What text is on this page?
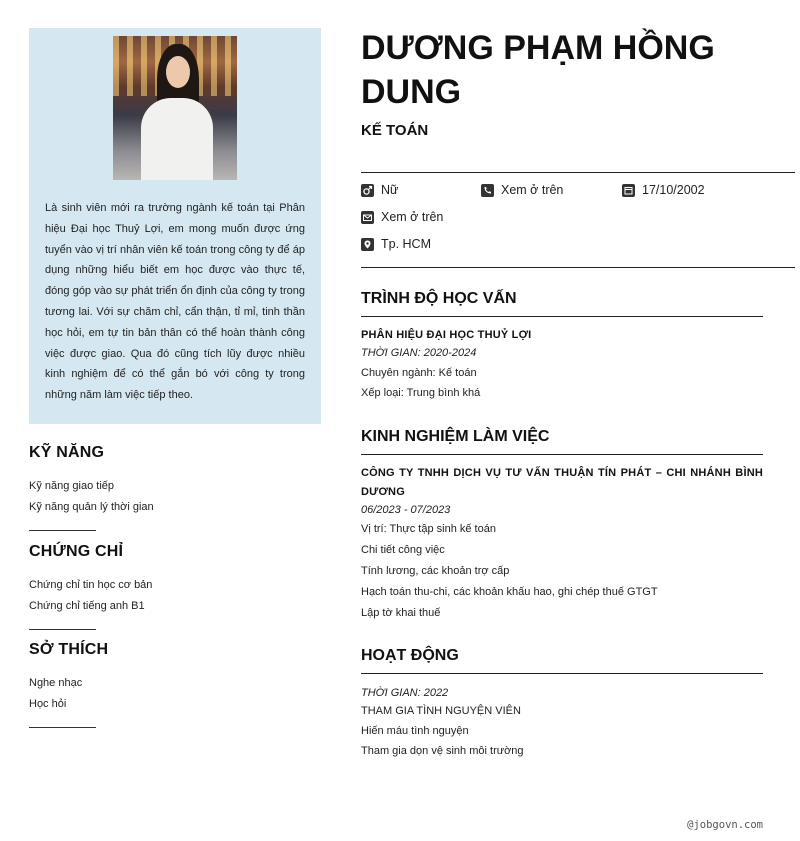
Là sinh viên mới ra trường ngành kế toán tại Phân hiệu Đại học Thuỷ Lợi, em mong muốn được ứng tuyển vào vị trí nhân viên kế toán trong công ty để áp dụng những hiểu biết em học được vào thực tế, đóng góp vào sự phát triển ổn định của công ty trong tương lai. Với sự chăm chỉ, cẩn thận, tỉ mỉ, tinh thần học hỏi, em tự tin bản thân có thể hoàn thành công việc được giao. Qua đó cũng tích lũy được nhiều kinh nghiệm để có thể gắn bó với công ty trong những năm làm việc tiếp theo.
KỸ NĂNG
Kỹ năng giao tiếp
Kỹ năng quản lý thời gian
CHỨNG CHỈ
Chứng chỉ tin học cơ bản
Chứng chỉ tiếng anh B1
SỞ THÍCH
Nghe nhạc
Học hỏi
DƯƠNG PHẠM HỒNG DUNG
KẾ TOÁN
Nữ	Xem ở trên	17/10/2002
Xem ở trên
Tp. HCM
TRÌNH ĐỘ HỌC VẤN
PHÂN HIỆU ĐẠI HỌC THUỶ LỢI
THỜI GIAN: 2020-2024
Chuyên ngành: Kế toán
Xếp loại: Trung bình khá
KINH NGHIỆM LÀM VIỆC
CÔNG TY TNHH DỊCH VỤ TƯ VẤN THUẬN TÍN PHÁT – CHI NHÁNH BÌNH DƯƠNG
06/2023 - 07/2023
Vị trí: Thực tập sinh kế toán
Chi tiết công việc
Tính lương, các khoản trợ cấp
Hạch toán thu-chi, các khoản khấu hao, ghi chép thuế GTGT
Lập tờ khai thuế
HOẠT ĐỘNG
THỜI GIAN: 2022
THAM GIA TÌNH NGUYỆN VIÊN
Hiến máu tình nguyện
Tham gia dọn vệ sinh môi trường
@jobgovn.com
